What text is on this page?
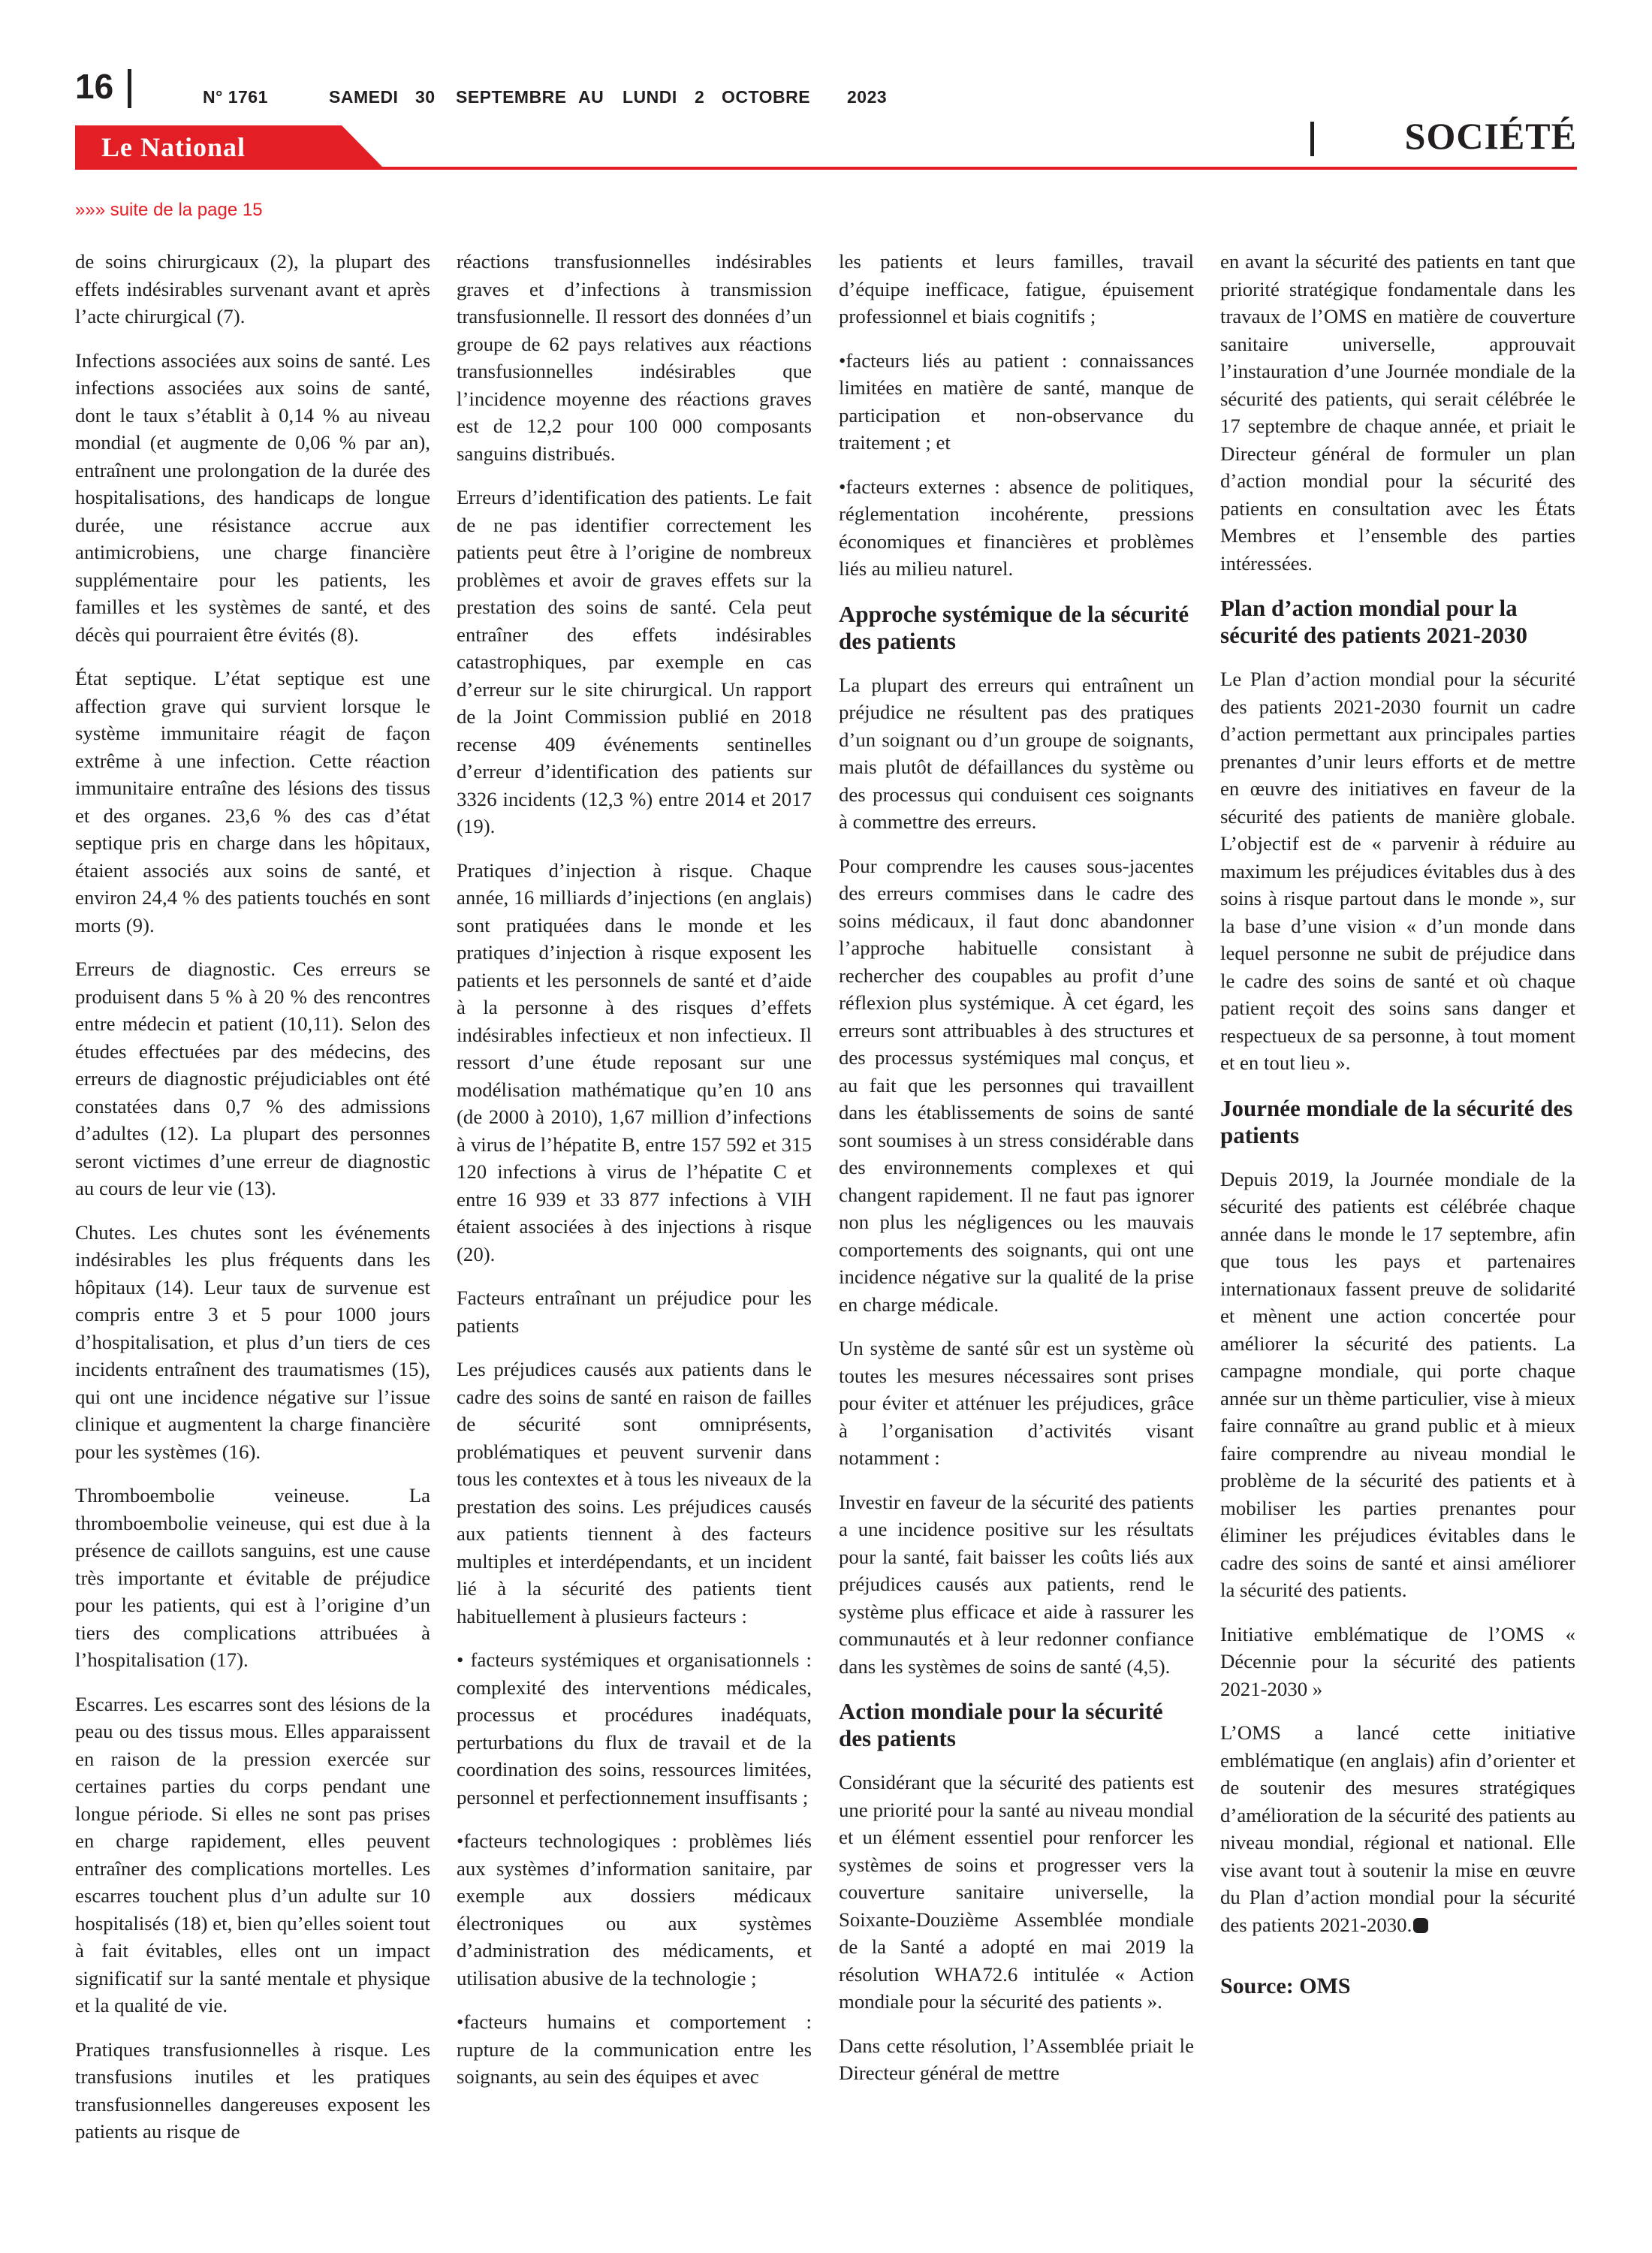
16	N° 1761	SAMEDI 30 SEPTEMBRE AU LUNDI 2 OCTOBRE 2023
Le National	SOCIÉTÉ
»»» suite de la page 15

de soins chirurgicaux (2), la plupart des effets indésirables survenant avant et après l’acte chirurgical (7).

Infections associées aux soins de santé. Les infections associées aux soins de santé, dont le taux s’établit à 0,14 % au niveau mondial (et augmente de 0,06 % par an), entraînent une prolongation de la durée des hospitalisations, des handicaps de longue durée, une résistance accrue aux antimicrobiens, une charge financière supplémentaire pour les patients, les familles et les systèmes de santé, et des décès qui pourraient être évités (8).

État septique. L’état septique est une affection grave qui survient lorsque le système immunitaire réagit de façon extrême à une infection. Cette réaction immunitaire entraîne des lésions des tissus et des organes. 23,6 % des cas d’état septique pris en charge dans les hôpitaux, étaient associés aux soins de santé, et environ 24,4 % des patients touchés en sont morts (9).

Erreurs de diagnostic. Ces erreurs se produisent dans 5 % à 20 % des rencontres entre médecin et patient (10,11). Selon des études effectuées par des médecins, des erreurs de diagnostic préjudiciables ont été constatées dans 0,7 % des admissions d’adultes (12). La plupart des personnes seront victimes d’une erreur de diagnostic au cours de leur vie (13).

Chutes. Les chutes sont les événements indésirables les plus fréquents dans les hôpitaux (14). Leur taux de survenue est compris entre 3 et 5 pour 1000 jours d’hospitalisation, et plus d’un tiers de ces incidents entraînent des traumatismes (15), qui ont une incidence négative sur l’issue clinique et augmentent la charge financière pour les systèmes (16).

Thromboembolie veineuse. La thromboembolie veineuse, qui est due à la présence de caillots sanguins, est une cause très importante et évitable de préjudice pour les patients, qui est à l’origine d’un tiers des complications attribuées à l’hospitalisation (17).

Escarres. Les escarres sont des lésions de la peau ou des tissus mous. Elles apparaissent en raison de la pression exercée sur certaines parties du corps pendant une longue période. Si elles ne sont pas prises en charge rapidement, elles peuvent entraîner des complications mortelles. Les escarres touchent plus d’un adulte sur 10 hospitalisés (18) et, bien qu’elles soient tout à fait évitables, elles ont un impact significatif sur la santé mentale et physique et la qualité de vie.

Pratiques transfusionnelles à risque. Les transfusions inutiles et les pratiques transfusionnelles dangereuses exposent les patients au risque de

réactions transfusionnelles indésirables graves et d’infections à transmission transfusionnelle. Il ressort des données d’un groupe de 62 pays relatives aux réactions transfusionnelles indésirables que l’incidence moyenne des réactions graves est de 12,2 pour 100 000 composants sanguins distribués.

Erreurs d’identification des patients. Le fait de ne pas identifier correctement les patients peut être à l’origine de nombreux problèmes et avoir de graves effets sur la prestation des soins de santé. Cela peut entraîner des effets indésirables catastrophiques, par exemple en cas d’erreur sur le site chirurgical. Un rapport de la Joint Commission publié en 2018 recense 409 événements sentinelles d’erreur d’identification des patients sur 3326 incidents (12,3 %) entre 2014 et 2017 (19).

Pratiques d’injection à risque. Chaque année, 16 milliards d’injections (en anglais) sont pratiquées dans le monde et les pratiques d’injection à risque exposent les patients et les personnels de santé et d’aide à la personne à des risques d’effets indésirables infectieux et non infectieux. Il ressort d’une étude reposant sur une modélisation mathématique qu’en 10 ans (de 2000 à 2010), 1,67 million d’infections à virus de l’hépatite B, entre 157 592 et 315 120 infections à virus de l’hépatite C et entre 16 939 et 33 877 infections à VIH étaient associées à des injections à risque (20).

Facteurs entraînant un préjudice pour les patients

Les préjudices causés aux patients dans le cadre des soins de santé en raison de failles de sécurité sont omniprésents, problématiques et peuvent survenir dans tous les contextes et à tous les niveaux de la prestation des soins. Les préjudices causés aux patients tiennent à des facteurs multiples et interdépendants, et un incident lié à la sécurité des patients tient habituellement à plusieurs facteurs :

• facteurs systémiques et organisationnels : complexité des interventions médicales, processus et procédures inadéquats, perturbations du flux de travail et de la coordination des soins, ressources limitées, personnel et perfectionnement insuffisants ;

•facteurs technologiques : problèmes liés aux systèmes d’information sanitaire, par exemple aux dossiers médicaux électroniques ou aux systèmes d’administration des médicaments, et utilisation abusive de la technologie ;

•facteurs humains et comportement : rupture de la communication entre les soignants, au sein des équipes et avec

les patients et leurs familles, travail d’équipe inefficace, fatigue, épuisement professionnel et biais cognitifs ;

•facteurs liés au patient : connaissances limitées en matière de santé, manque de participation et non-observance du traitement ; et

•facteurs externes : absence de politiques, réglementation incohérente, pressions économiques et financières et problèmes liés au milieu naturel.

Approche systémique de la sécurité des patients

La plupart des erreurs qui entraînent un préjudice ne résultent pas des pratiques d’un soignant ou d’un groupe de soignants, mais plutôt de défaillances du système ou des processus qui conduisent ces soignants à commettre des erreurs.

Pour comprendre les causes sous-jacentes des erreurs commises dans le cadre des soins médicaux, il faut donc abandonner l’approche habituelle consistant à rechercher des coupables au profit d’une réflexion plus systémique. À cet égard, les erreurs sont attribuables à des structures et des processus systémiques mal conçus, et au fait que les personnes qui travaillent dans les établissements de soins de santé sont soumises à un stress considérable dans des environnements complexes et qui changent rapidement. Il ne faut pas ignorer non plus les négligences ou les mauvais comportements des soignants, qui ont une incidence négative sur la qualité de la prise en charge médicale.

Un système de santé sûr est un système où toutes les mesures nécessaires sont prises pour éviter et atténuer les préjudices, grâce à l’organisation d’activités visant notamment :

Investir en faveur de la sécurité des patients a une incidence positive sur les résultats pour la santé, fait baisser les coûts liés aux préjudices causés aux patients, rend le système plus efficace et aide à rassurer les communautés et à leur redonner confiance dans les systèmes de soins de santé (4,5).

Action mondiale pour la sécurité des patients

Considérant que la sécurité des patients est une priorité pour la santé au niveau mondial et un élément essentiel pour renforcer les systèmes de soins et progresser vers la couverture sanitaire universelle, la Soixante-Douzième Assemblée mondiale de la Santé a adopté en mai 2019 la résolution WHA72.6 intitulée « Action mondiale pour la sécurité des patients ».

Dans cette résolution, l’Assemblée priait le Directeur général de mettre

en avant la sécurité des patients en tant que priorité stratégique fondamentale dans les travaux de l’OMS en matière de couverture sanitaire universelle, approuvait l’instauration d’une Journée mondiale de la sécurité des patients, qui serait célébrée le 17 septembre de chaque année, et priait le Directeur général de formuler un plan d’action mondial pour la sécurité des patients en consultation avec les États Membres et l’ensemble des parties intéressées.

Plan d’action mondial pour la sécurité des patients 2021-2030

Le Plan d’action mondial pour la sécurité des patients 2021-2030 fournit un cadre d’action permettant aux principales parties prenantes d’unir leurs efforts et de mettre en œuvre des initiatives en faveur de la sécurité des patients de manière globale. L’objectif est de « parvenir à réduire au maximum les préjudices évitables dus à des soins à risque partout dans le monde », sur la base d’une vision « d’un monde dans lequel personne ne subit de préjudice dans le cadre des soins de santé et où chaque patient reçoit des soins sans danger et respectueux de sa personne, à tout moment et en tout lieu ».

Journée mondiale de la sécurité des patients

Depuis 2019, la Journée mondiale de la sécurité des patients est célébrée chaque année dans le monde le 17 septembre, afin que tous les pays et partenaires internationaux fassent preuve de solidarité et mènent une action concertée pour améliorer la sécurité des patients. La campagne mondiale, qui porte chaque année sur un thème particulier, vise à mieux faire connaître au grand public et à mieux faire comprendre au niveau mondial le problème de la sécurité des patients et à mobiliser les parties prenantes pour éliminer les préjudices évitables dans le cadre des soins de santé et ainsi améliorer la sécurité des patients.

Initiative emblématique de l’OMS « Décennie pour la sécurité des patients 2021-2030 »

L’OMS a lancé cette initiative emblématique (en anglais) afin d’orienter et de soutenir des mesures stratégiques d’amélioration de la sécurité des patients au niveau mondial, régional et national. Elle vise avant tout à soutenir la mise en œuvre du Plan d’action mondial pour la sécurité des patients 2021-2030.

Source: OMS
